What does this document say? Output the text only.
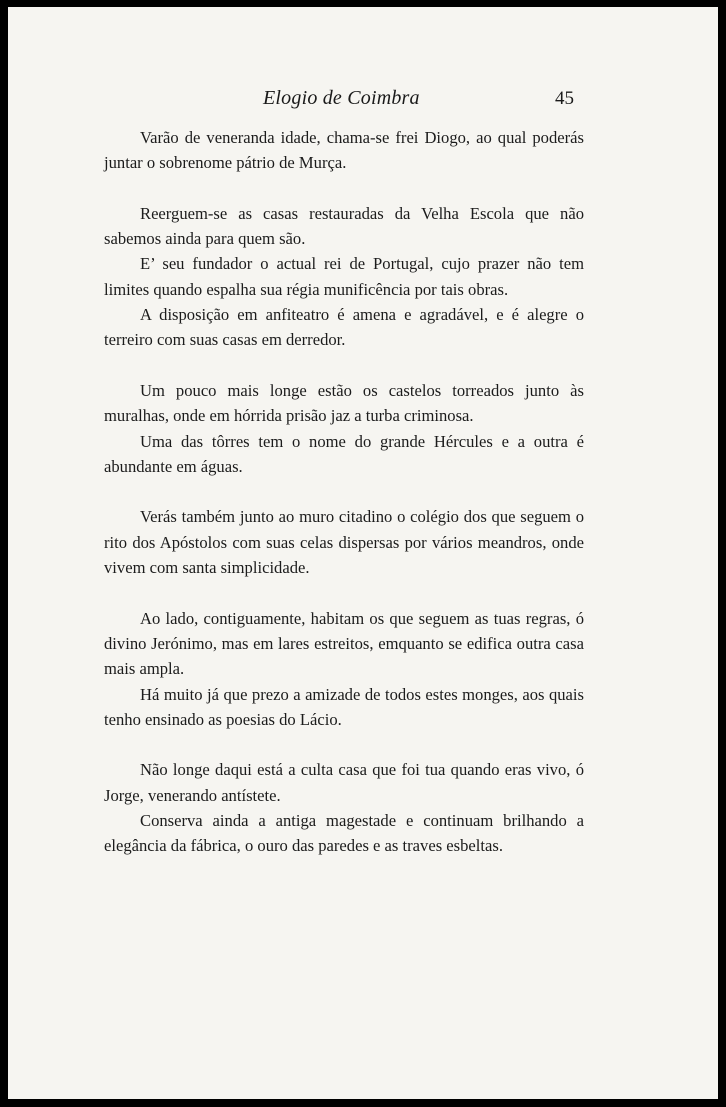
Elogio de Coimbra	45

Varão de veneranda idade, chama-se frei Diogo, ao qual poderás juntar o sobrenome pátrio de Murça.

Reerguem-se as casas restauradas da Velha Escola que não sabemos ainda para quem são.

E’ seu fundador o actual rei de Portugal, cujo prazer não tem limites quando espalha sua régia munificência por tais obras.

A disposição em anfiteatro é amena e agradável, e é alegre o terreiro com suas casas em derredor.

Um pouco mais longe estão os castelos torreados junto às muralhas, onde em hórrida prisão jaz a turba criminosa.

Uma das tôrres tem o nome do grande Hércules e a outra é abundante em águas.

Verás também junto ao muro citadino o colégio dos que seguem o rito dos Apóstolos com suas celas dispersas por vários meandros, onde vivem com santa simplicidade.

Ao lado, contiguamente, habitam os que seguem as tuas regras, ó divino Jerónimo, mas em lares estreitos, emquanto se edifica outra casa mais ampla.

Há muito já que prezo a amizade de todos estes monges, aos quais tenho ensinado as poesias do Lácio.

Não longe daqui está a culta casa que foi tua quando eras vivo, ó Jorge, venerando antístete.

Conserva ainda a antiga magestade e continuam brilhando a elegância da fábrica, o ouro das paredes e as traves esbeltas.
